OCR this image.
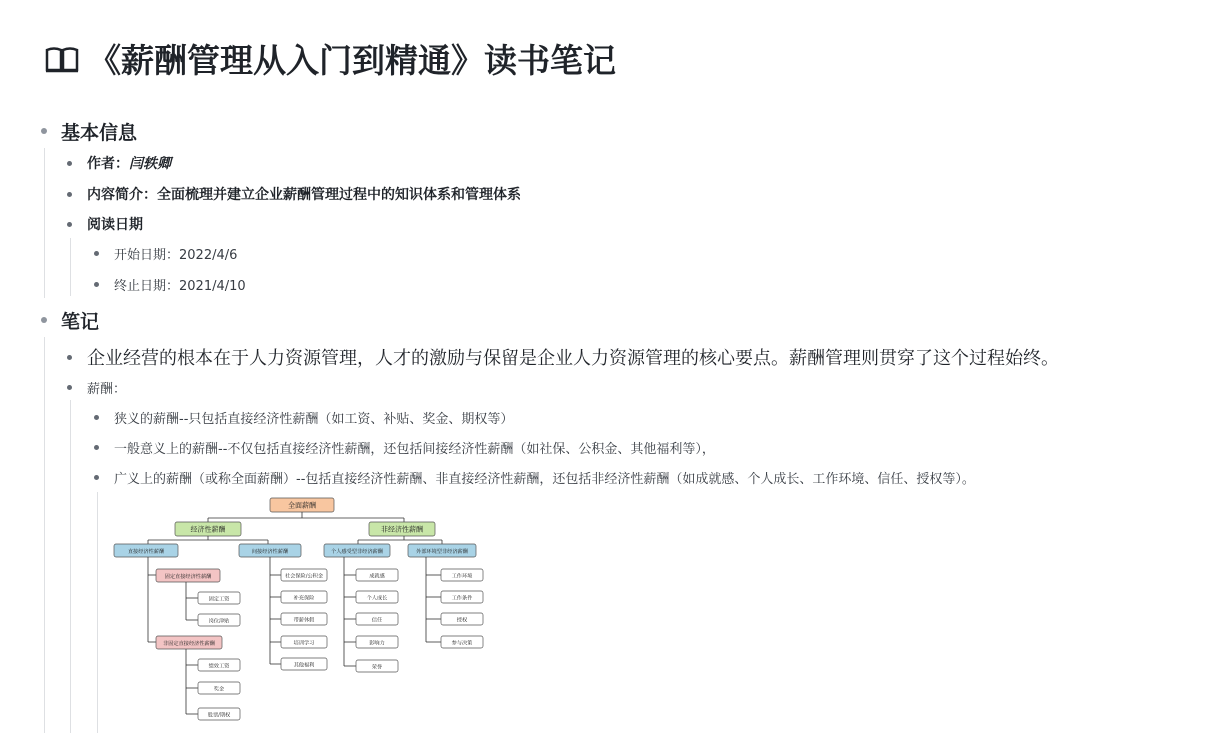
《薪酬管理从入门到精通》读书笔记
基本信息
作者： 闫轶卿
内容简介： 全面梳理并建立企业薪酬管理过程中的知识体系和管理体系
阅读日期
开始日期：2022/4/6
终止日期：2021/4/10
笔记
企业经营的根本在于人力资源管理，人才的激励与保留是企业人力资源管理的核心要点。薪酬管理则贯穿了这个过程始终。
薪酬：
狭义的薪酬--只包括直接经济性薪酬（如工资、补贴、奖金、期权等）
一般意义上的薪酬--不仅包括直接经济性薪酬，还包括间接经济性薪酬（如社保、公积金、其他福利等），
广义上的薪酬（或称全面薪酬）--包括直接经济性薪酬、非直接经济性薪酬，还包括非经济性薪酬（如成就感、个人成长、工作环境、信任、授权等）。
全面薪酬
经济性薪酬	非经济性薪酬
直接经济性薪酬	间接经济性薪酬	个人感受型非经济薪酬	外部环境型非经济薪酬
固定直接经济性薪酬
固定工资
岗位津贴
非固定直接经济性薪酬
绩效工资
奖金
股票/期权
社会保险/公积金
补充保险
带薪休假
培训学习
其他福利
成就感
个人成长
信任
影响力
荣誉
工作环境
工作条件
授权
参与决策
